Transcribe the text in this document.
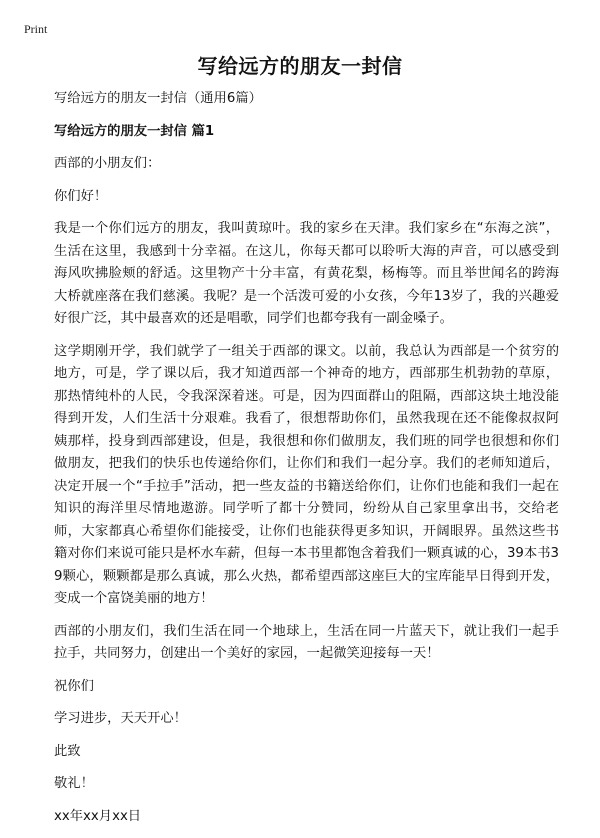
Print
写给远方的朋友一封信

写给远方的朋友一封信（通用6篇）

写给远方的朋友一封信 篇1

西部的小朋友们：

你们好！

我是一个你们远方的朋友，我叫黄琼叶。我的家乡在天津。我们家乡在“东海之滨”，生活在这里，我感到十分幸福。在这儿，你每天都可以聆听大海的声音，可以感受到海风吹拂脸颊的舒适。这里物产十分丰富，有黄花梨，杨梅等。而且举世闻名的跨海大桥就座落在我们慈溪。我呢？是一个活泼可爱的小女孩，今年13岁了，我的兴趣爱好很广泛，其中最喜欢的还是唱歌，同学们也都夸我有一副金嗓子。

这学期刚开学，我们就学了一组关于西部的课文。以前，我总认为西部是一个贫穷的地方，可是，学了课以后，我才知道西部一个神奇的地方，西部那生机勃勃的草原，那热情纯朴的人民，令我深深着迷。可是，因为四面群山的阻隔，西部这块土地没能得到开发，人们生活十分艰难。我看了，很想帮助你们，虽然我现在还不能像叔叔阿姨那样，投身到西部建设，但是，我很想和你们做朋友，我们班的同学也很想和你们做朋友，把我们的快乐也传递给你们，让你们和我们一起分享。我们的老师知道后，决定开展一个“手拉手”活动，把一些友益的书籍送给你们，让你们也能和我们一起在知识的海洋里尽情地遨游。同学听了都十分赞同，纷纷从自己家里拿出书，交给老师，大家都真心希望你们能接受，让你们也能获得更多知识，开阔眼界。虽然这些书籍对你们来说可能只是杯水车薪，但每一本书里都饱含着我们一颗真诚的心，39本书39颗心，颗颗都是那么真诚，那么火热，都希望西部这座巨大的宝库能早日得到开发，变成一个富饶美丽的地方！

西部的小朋友们，我们生活在同一个地球上，生活在同一片蓝天下，就让我们一起手拉手，共同努力，创建出一个美好的家园，一起微笑迎接每一天！

祝你们

学习进步，天天开心！

此致

敬礼！

xx年xx月xx日
